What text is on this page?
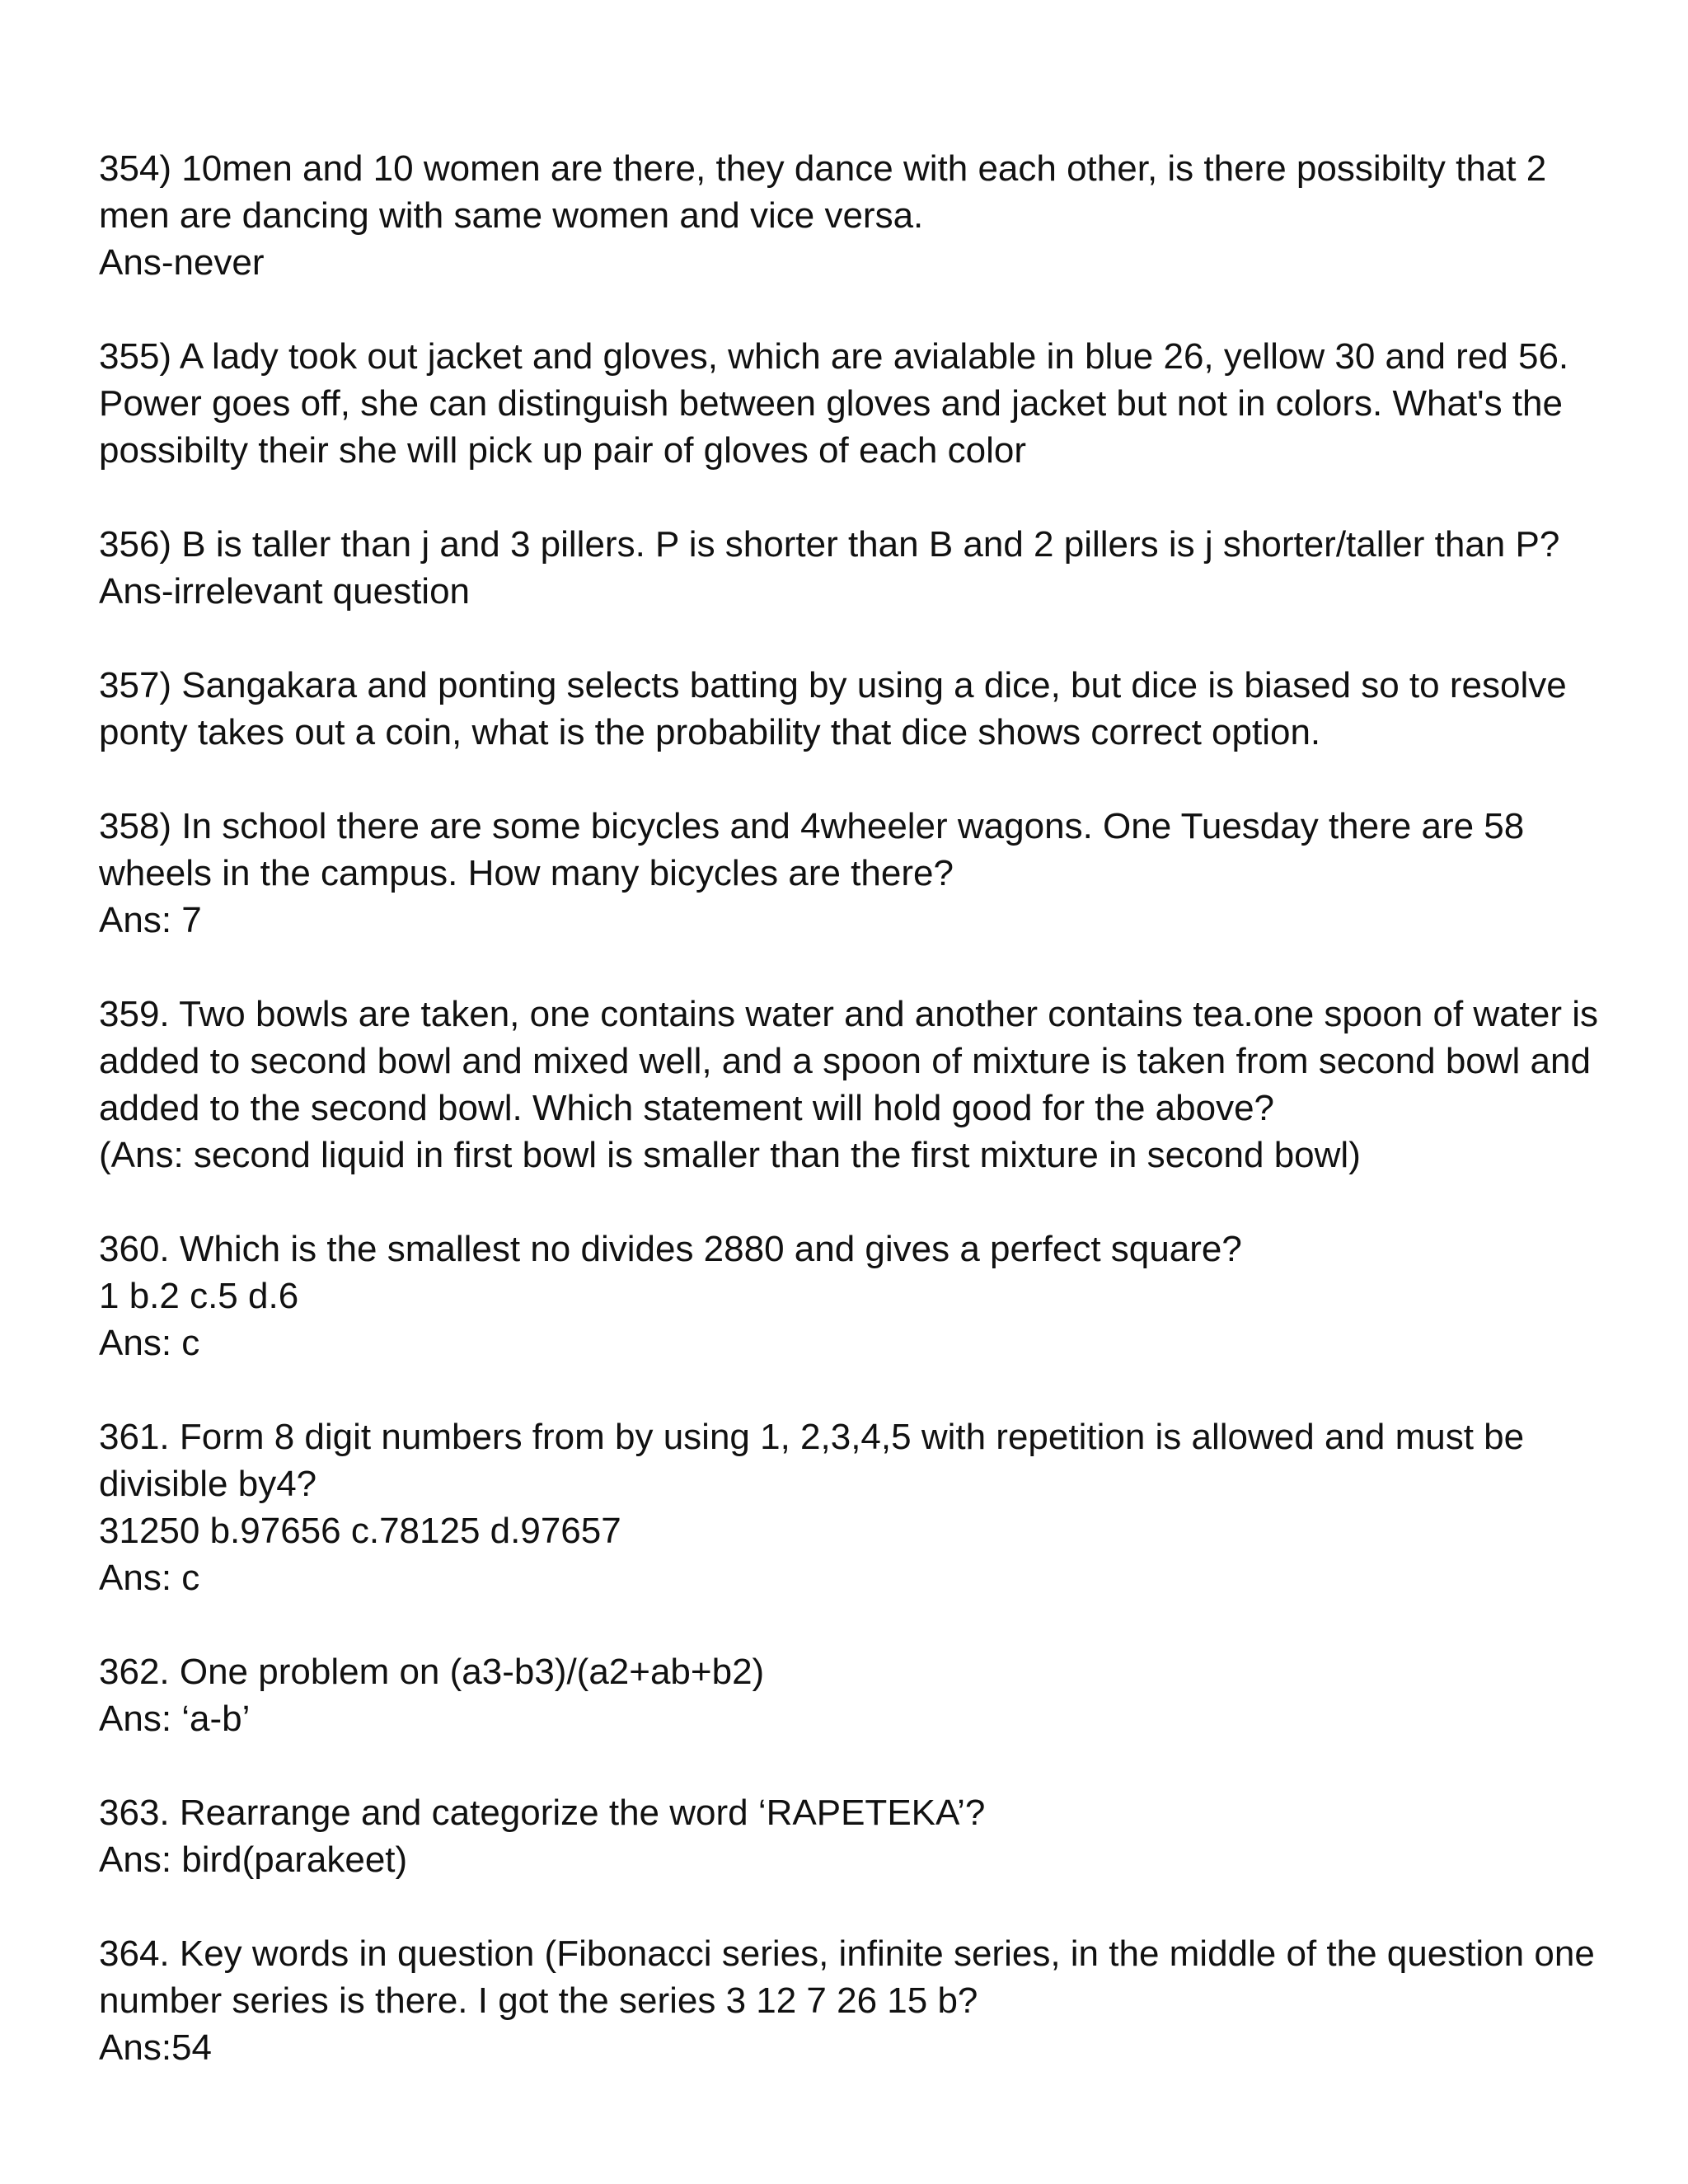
354) 10men and 10 women are there, they dance with each other, is there possibilty that 2
men are dancing with same women and vice versa.
Ans-never
355) A lady took out jacket and gloves, which are avialable in blue 26, yellow 30 and red 56.
Power goes off, she can distinguish between gloves and jacket but not in colors. What's the
possibilty their she will pick up pair of gloves of each color
356) B is taller than j and 3 pillers. P is shorter than B and 2 pillers is j shorter/taller than P?
Ans-irrelevant question
357) Sangakara and ponting selects batting by using a dice, but dice is biased so to resolve
ponty takes out a coin, what is the probability that dice shows correct option.
358) In school there are some bicycles and 4wheeler wagons. One Tuesday there are 58
wheels in the campus. How many bicycles are there?
Ans: 7
359. Two bowls are taken, one contains water and another contains tea.one spoon of water is
added to second bowl and mixed well, and a spoon of mixture is taken from second bowl and
added to the second bowl. Which statement will hold good for the above?
(Ans: second liquid in first bowl is smaller than the first mixture in second bowl)
360. Which is the smallest no divides 2880 and gives a perfect square?
1 b.2 c.5 d.6
Ans: c
361. Form 8 digit numbers from by using 1, 2,3,4,5 with repetition is allowed and must be
divisible by4?
31250 b.97656 c.78125 d.97657
Ans: c
362. One problem on (a3-b3)/(a2+ab+b2)
Ans: ‘a-b’
363. Rearrange and categorize the word ‘RAPETEKA’?
Ans: bird(parakeet)
364. Key words in question (Fibonacci series, infinite series, in the middle of the question one
number series is there. I got the series 3 12 7 26 15 b?
Ans:54
